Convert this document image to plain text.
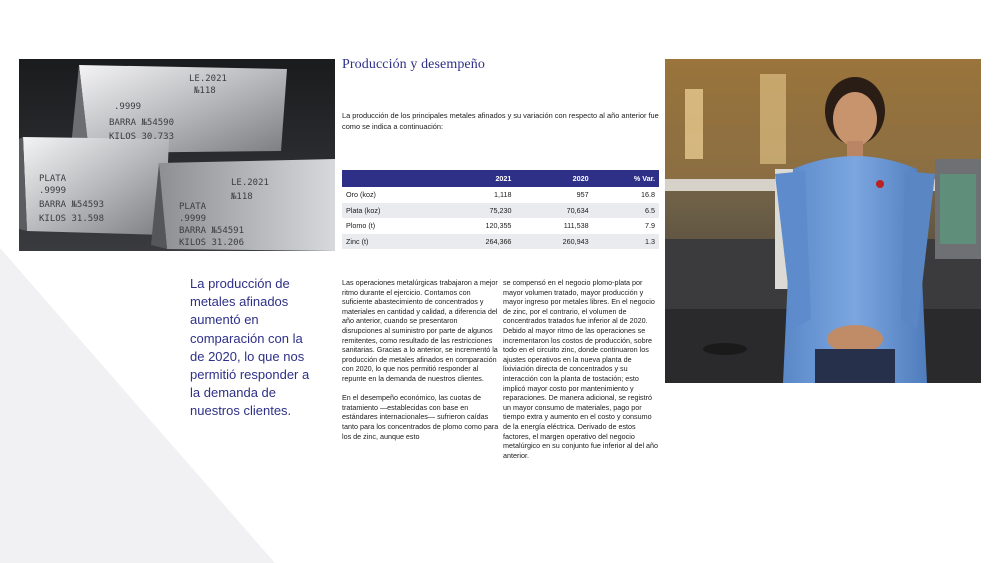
LE.2021
№118
.9999
BARRA №54590
KILOS 30.733
PLATA
.9999
BARRA №54593
KILOS 31.598
LE.2021
№118
PLATA
.9999
BARRA №54591
KILOS 31.206
Producción y desempeño
La producción de los principales metales afinados y su variación con respecto al año anterior fue como se indica a continuación:
	2021	2020	% Var.
Oro (koz)	1,118	957	16.8
Plata (koz)	75,230	70,634	6.5
Plomo (t)	120,355	111,538	7.9
Zinc (t)	264,366	260,943	1.3
La producción de metales afinados aumentó en comparación con la de 2020, lo que nos permitió responder a la demanda de nuestros clientes.

Las operaciones metalúrgicas trabajaron a mejor ritmo durante el ejercicio. Contamos con suficiente abastecimiento de concentrados y materiales en cantidad y calidad, a diferencia del año anterior, cuando se presentaron disrupciones al suministro por parte de algunos remitentes, como resultado de las restricciones sanitarias. Gracias a lo anterior, se incrementó la producción de metales afinados en comparación con 2020, lo que nos permitió responder al repunte en la demanda de nuestros clientes.

En el desempeño económico, las cuotas de tratamiento —establecidas con base en estándares internacionales— sufrieron caídas tanto para los concentrados de plomo como para los de zinc, aunque esto

se compensó en el negocio plomo-plata por mayor volumen tratado, mayor producción y mayor ingreso por metales libres. En el negocio de zinc, por el contrario, el volumen de concentrados tratados fue inferior al de 2020. Debido al mayor ritmo de las operaciones se incrementaron los costos de producción, sobre todo en el circuito zinc, donde continuaron los ajustes operativos en la nueva planta de lixiviación directa de concentrados y su interacción con la planta de tostación; esto implicó mayor costo por mantenimiento y reparaciones. De manera adicional, se registró un mayor consumo de materiales, pago por tiempo extra y aumento en el costo y consumo de la energía eléctrica. Derivado de estos factores, el margen operativo del negocio metalúrgico en su conjunto fue inferior al del año anterior.
